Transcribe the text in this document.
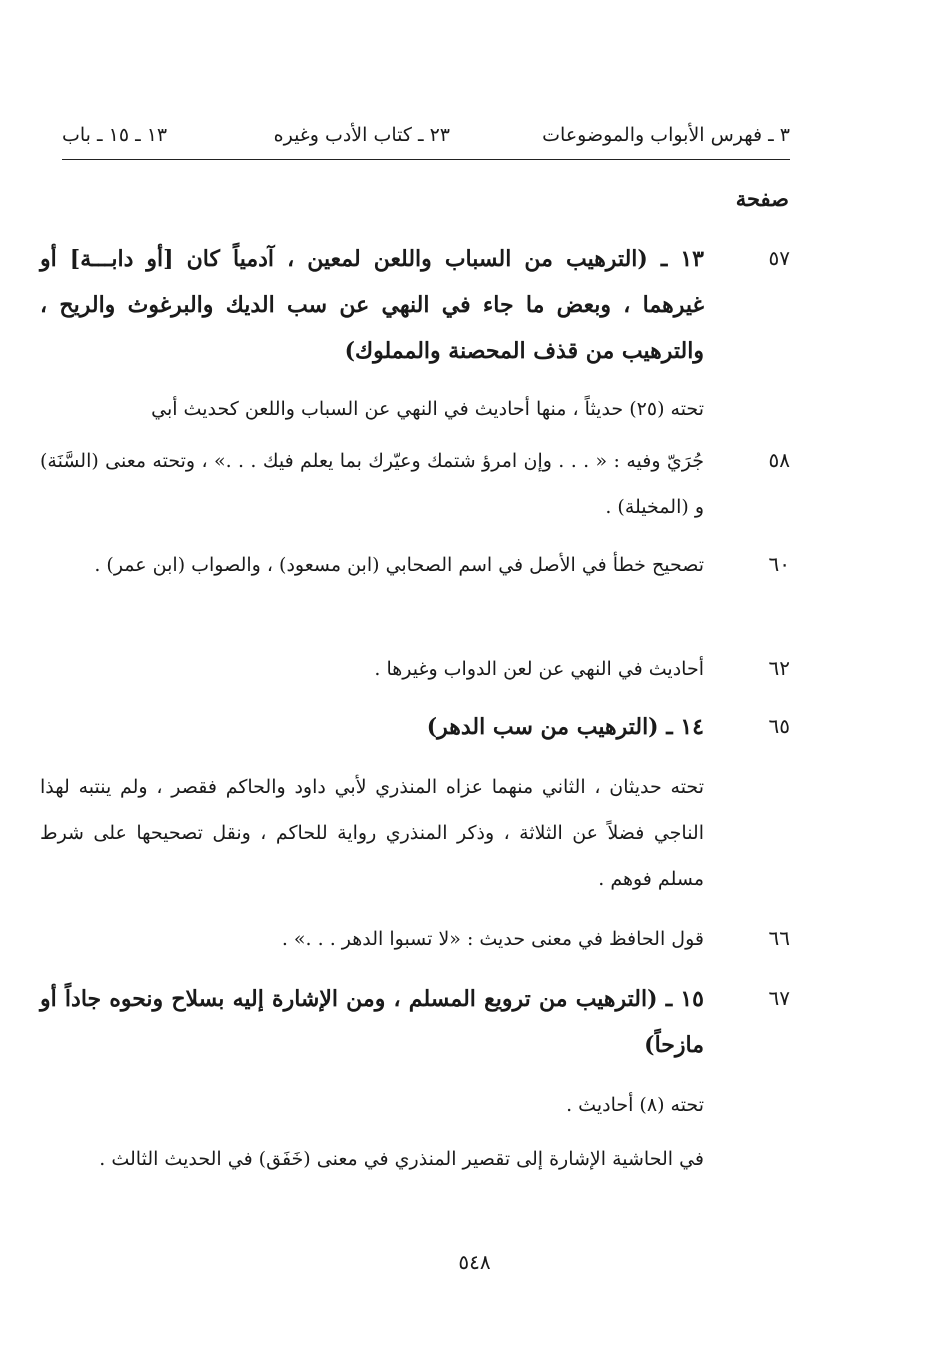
٣ ـ فهرس الأبواب والموضوعات
٢٣ ـ كتاب الأدب وغيره
١٣ ـ ١٥ ـ باب
صفحة
٥٧
١٣ ـ (الترهيب من السباب واللعن لمعين ، آدمياً كان [أو دابـــة] أو غيرهما ، وبعض ما جاء في النهي عن سب الديك والبرغوث والريح ، والترهيب من قذف المحصنة والمملوك)
تحته (٢٥) حديثاً ، منها أحاديث في النهي عن السباب واللعن كحديث أبي
٥٨
جُرَيّ وفيه : « . . . وإن امرؤ شتمك وعيّرك بما يعلم فيك . . .» ، وتحته معنى (السَّنَة) و (المخيلة) .
٦٠
تصحيح خطأ في الأصل في اسم الصحابي (ابن مسعود) ، والصواب (ابن عمر) .
٦٢
أحاديث في النهي عن لعن الدواب وغيرها .
٦٥
١٤ ـ (الترهيب من سب الدهر)
تحته حديثان ، الثاني منهما عزاه المنذري لأبي داود والحاكم فقصر ، ولم ينتبه لهذا الناجي فضلاً عن الثلاثة ، وذكر المنذري رواية للحاكم ، ونقل تصحيحها على شرط مسلم فوهم .
٦٦
قول الحافظ في معنى حديث : «لا تسبوا الدهر . . .» .
٦٧
١٥ ـ (الترهيب من ترويع المسلم ، ومن الإشارة إليه بسلاح ونحوه جاداً أو مازحاً)
تحته (٨) أحاديث .
في الحاشية الإشارة إلى تقصير المنذري في معنى (خَفَق) في الحديث الثالث .
٥٤٨
